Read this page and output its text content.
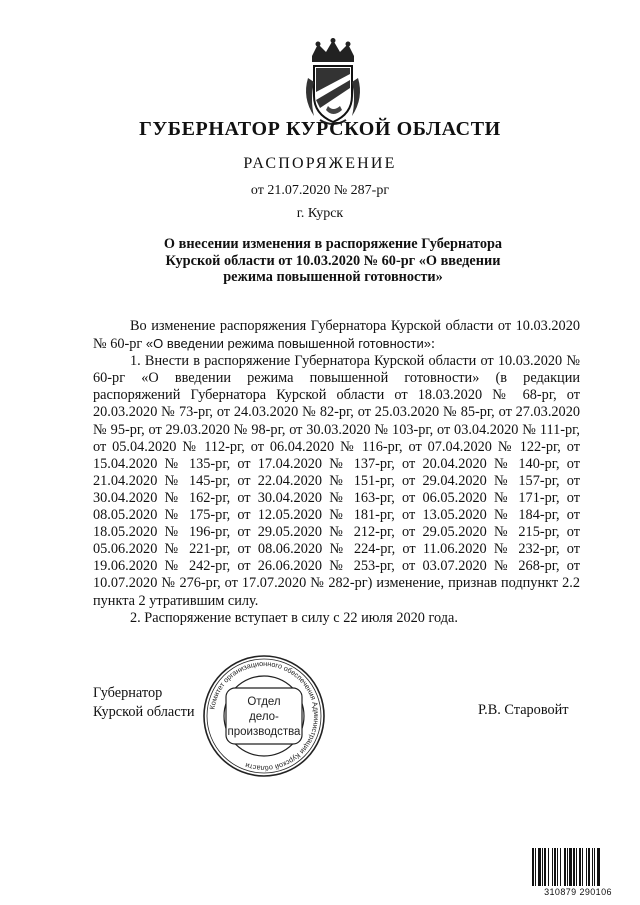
ГУБЕРНАТОР КУРСКОЙ ОБЛАСТИ
РАСПОРЯЖЕНИЕ
от 21.07.2020 № 287-рг
г. Курск
О внесении изменения в распоряжение Губернатора
Курской области от 10.03.2020 № 60-рг «О введении
режима повышенной готовности»

Во изменение распоряжения Губернатора Курской области от 10.03.2020 № 60-рг «О введении режима повышенной готовности»:

1. Внести в распоряжение Губернатора Курской области от 10.03.2020 № 60-рг «О введении режима повышенной готовности» (в редакции распоряжений Губернатора Курской области от 18.03.2020 № 68-рг, от 20.03.2020 № 73-рг, от 24.03.2020 № 82-рг, от 25.03.2020 № 85-рг, от 27.03.2020 № 95-рг, от 29.03.2020 № 98-рг, от 30.03.2020 № 103-рг, от 03.04.2020 № 111-рг, от 05.04.2020 № 112-рг, от 06.04.2020 № 116-рг, от 07.04.2020 № 122-рг, от 15.04.2020 № 135-рг, от 17.04.2020 № 137-рг, от 20.04.2020 № 140-рг, от 21.04.2020 № 145-рг, от 22.04.2020 № 151-рг, от 29.04.2020 № 157-рг, от 30.04.2020 № 162-рг, от 30.04.2020 № 163-рг, от 06.05.2020 № 171-рг, от 08.05.2020 № 175-рг, от 12.05.2020 № 181-рг, от 13.05.2020 № 184-рг, от 18.05.2020 № 196-рг, от 29.05.2020 № 212-рг, от 29.05.2020 № 215-рг, от 05.06.2020 № 221-рг, от 08.06.2020 № 224-рг, от 11.06.2020 № 232-рг, от 19.06.2020 № 242-рг, от 26.06.2020 № 253-рг, от 03.07.2020 № 268-рг, от 10.07.2020 № 276-рг, от 17.07.2020 № 282-рг) изменение, признав подпункт 2.2 пункта 2 утратившим силу.

2. Распоряжение вступает в силу с 22 июля 2020 года.

Губернатор
Курской области	Р.В. Старовойт
Комитет организационного обеспечения Администрации Курской области
Отдел
дело-
производства
310879 290106
